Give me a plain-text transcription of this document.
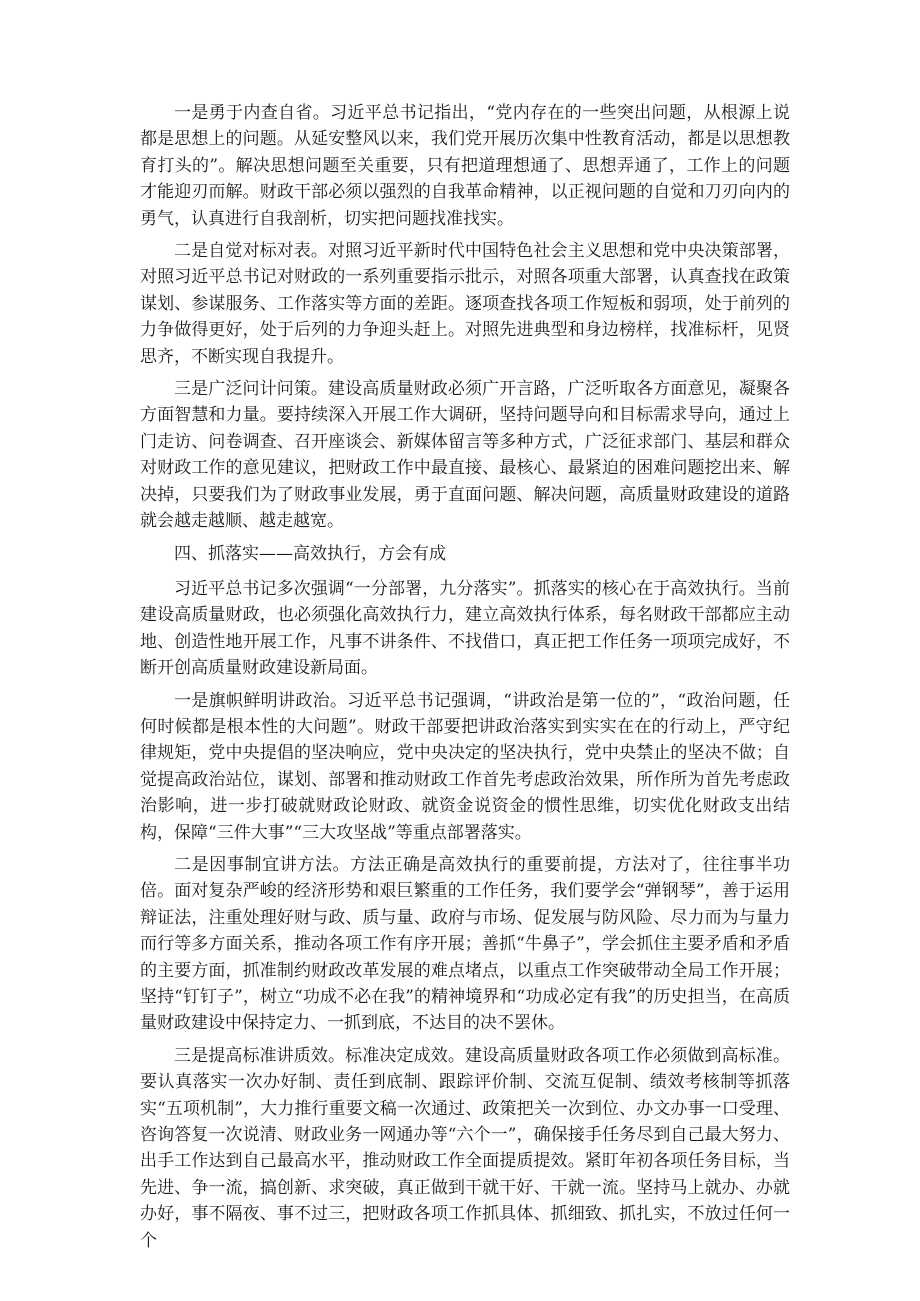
一是勇于内查自省。习近平总书记指出，“党内存在的一些突出问题，从根源上说都是思想上的问题。从延安整风以来，我们党开展历次集中性教育活动，都是以思想教育打头的”。解决思想问题至关重要，只有把道理想通了、思想弄通了，工作上的问题才能迎刃而解。财政干部必须以强烈的自我革命精神，以正视问题的自觉和刀刃向内的勇气，认真进行自我剖析，切实把问题找准找实。

二是自觉对标对表。对照习近平新时代中国特色社会主义思想和党中央决策部署，对照习近平总书记对财政的一系列重要指示批示，对照各项重大部署，认真查找在政策谋划、参谋服务、工作落实等方面的差距。逐项查找各项工作短板和弱项，处于前列的力争做得更好，处于后列的力争迎头赶上。对照先进典型和身边榜样，找准标杆，见贤思齐，不断实现自我提升。

三是广泛问计问策。建设高质量财政必须广开言路，广泛听取各方面意见，凝聚各方面智慧和力量。要持续深入开展工作大调研，坚持问题导向和目标需求导向，通过上门走访、问卷调查、召开座谈会、新媒体留言等多种方式，广泛征求部门、基层和群众对财政工作的意见建议，把财政工作中最直接、最核心、最紧迫的困难问题挖出来、解决掉，只要我们为了财政事业发展，勇于直面问题、解决问题，高质量财政建设的道路就会越走越顺、越走越宽。

四、抓落实——高效执行，方会有成

习近平总书记多次强调“一分部署，九分落实”。抓落实的核心在于高效执行。当前建设高质量财政，也必须强化高效执行力，建立高效执行体系，每名财政干部都应主动地、创造性地开展工作，凡事不讲条件、不找借口，真正把工作任务一项项完成好，不断开创高质量财政建设新局面。

一是旗帜鲜明讲政治。习近平总书记强调，“讲政治是第一位的”，“政治问题，任何时候都是根本性的大问题”。财政干部要把讲政治落实到实实在在的行动上，严守纪律规矩，党中央提倡的坚决响应，党中央决定的坚决执行，党中央禁止的坚决不做；自觉提高政治站位，谋划、部署和推动财政工作首先考虑政治效果，所作所为首先考虑政治影响，进一步打破就财政论财政、就资金说资金的惯性思维，切实优化财政支出结构，保障“三件大事”“三大攻坚战”等重点部署落实。

二是因事制宜讲方法。方法正确是高效执行的重要前提，方法对了，往往事半功倍。面对复杂严峻的经济形势和艰巨繁重的工作任务，我们要学会“弹钢琴”，善于运用辩证法，注重处理好财与政、质与量、政府与市场、促发展与防风险、尽力而为与量力而行等多方面关系，推动各项工作有序开展；善抓“牛鼻子”，学会抓住主要矛盾和矛盾的主要方面，抓准制约财政改革发展的难点堵点，以重点工作突破带动全局工作开展；坚持“钉钉子”，树立“功成不必在我”的精神境界和“功成必定有我”的历史担当，在高质量财政建设中保持定力、一抓到底，不达目的决不罢休。

三是提高标准讲质效。标准决定成效。建设高质量财政各项工作必须做到高标准。要认真落实一次办好制、责任到底制、跟踪评价制、交流互促制、绩效考核制等抓落实“五项机制”，大力推行重要文稿一次通过、政策把关一次到位、办文办事一口受理、咨询答复一次说清、财政业务一网通办等“六个一”，确保接手任务尽到自己最大努力、出手工作达到自己最高水平，推动财政工作全面提质提效。紧盯年初各项任务目标，当先进、争一流，搞创新、求突破，真正做到干就干好、干就一流。坚持马上就办、办就办好，事不隔夜、事不过三，把财政各项工作抓具体、抓细致、抓扎实，不放过任何一个
